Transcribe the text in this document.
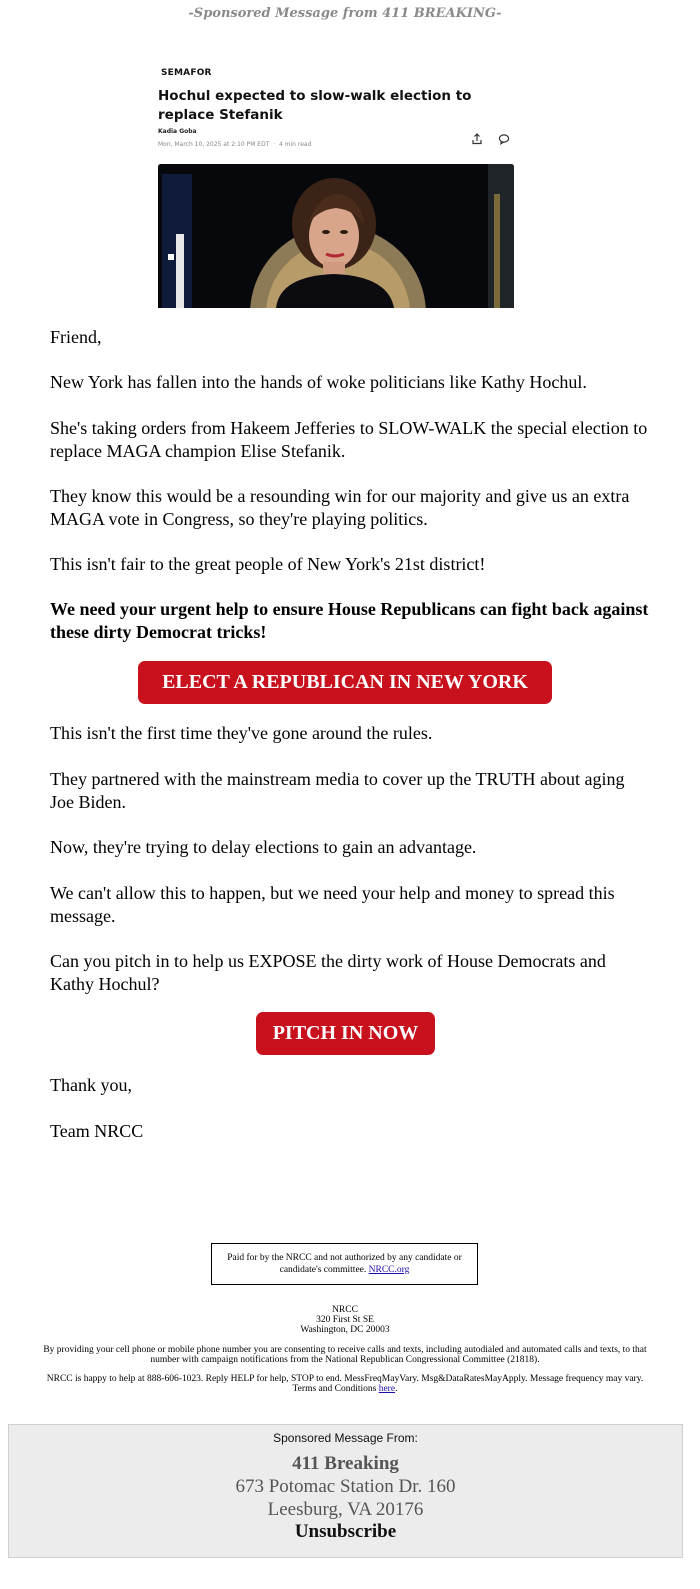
-Sponsored Message from 411 BREAKING-
SEMAFOR
Hochul expected to slow-walk election to replace Stefanik
Kadia Goba
Mon, March 10, 2025 at 2:10 PM EDT  ·  4 min read

Friend,

New York has fallen into the hands of woke politicians like Kathy Hochul.

She's taking orders from Hakeem Jefferies to SLOW-WALK the special election to replace MAGA champion Elise Stefanik.

They know this would be a resounding win for our majority and give us an extra MAGA vote in Congress, so they're playing politics.

This isn't fair to the great people of New York's 21st district!

We need your urgent help to ensure House Republicans can fight back against these dirty Democrat tricks!

ELECT A REPUBLICAN IN NEW YORK

This isn't the first time they've gone around the rules.

They partnered with the mainstream media to cover up the TRUTH about aging Joe Biden.

Now, they're trying to delay elections to gain an advantage.

We can't allow this to happen, but we need your help and money to spread this message.

Can you pitch in to help us EXPOSE the dirty work of House Democrats and Kathy Hochul?

PITCH IN NOW

Thank you,

Team NRCC

Paid for by the NRCC and not authorized by any candidate or candidate's committee. NRCC.org

NRCC

320 First St SE

Washington, DC 20003

By providing your cell phone or mobile phone number you are consenting to receive calls and texts, including autodialed and automated calls and texts, to that number with campaign notifications from the National Republican Congressional Committee (21818).

NRCC is happy to help at 888-606-1023. Reply HELP for help, STOP to end. MessFreqMayVary. Msg&DataRatesMayApply. Message frequency may vary. Terms and Conditions here.

Sponsored Message From:
411 Breaking
673 Potomac Station Dr. 160
Leesburg, VA 20176
Unsubscribe
